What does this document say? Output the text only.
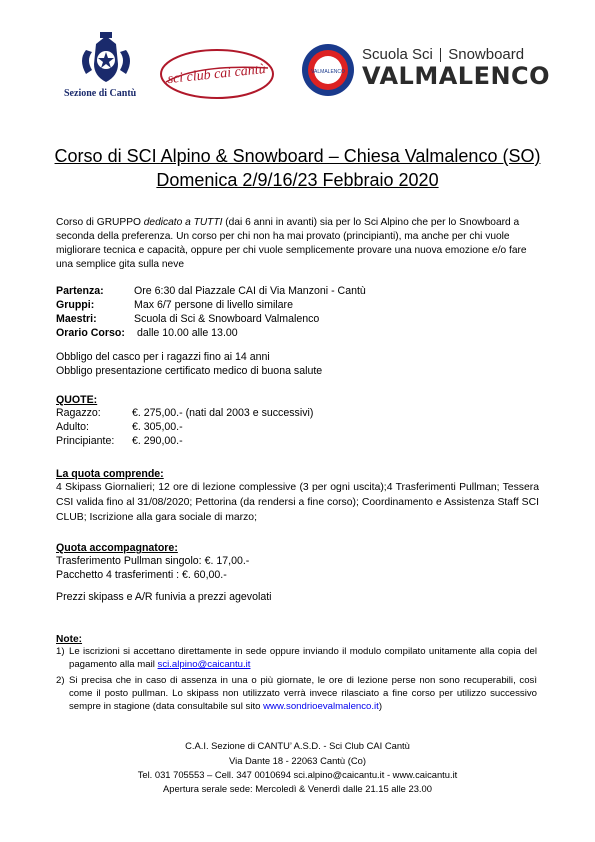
Sezione di Cantù
sci club cai cantù	VALMALENCO
Scuola Sci Snowboard
VALMALENCO
Corso di SCI Alpino & Snowboard – Chiesa Valmalenco (SO)
Domenica 2/9/16/23 Febbraio 2020
Corso di GRUPPO dedicato a TUTTI (dai 6 anni in avanti) sia per lo Sci Alpino che per lo Snowboard a seconda della preferenza. Un corso per chi non ha mai provato (principianti), ma anche per chi vuole migliorare tecnica e capacità, oppure per chi vuole semplicemente provare una nuova emozione e/o fare una semplice gita sulla neve
Partenza:	Ore 6:30 dal Piazzale CAI di Via Manzoni - Cantù
Gruppi:	Max 6/7 persone di livello similare
Maestri:	Scuola di Sci & Snowboard Valmalenco
Orario Corso: dalle 10.00 alle 13.00
Obbligo del casco per i ragazzi fino ai 14 anni
Obbligo presentazione certificato medico di buona salute
QUOTE:
Ragazzo:	€. 275,00.- (nati dal 2003 e successivi)
Adulto:	€. 305,00.-
Principiante: €. 290,00.-
La quota comprende:
4 Skipass Giornalieri; 12 ore di lezione complessive (3 per ogni uscita);4 Trasferimenti Pullman; Tessera CSI valida fino al 31/08/2020; Pettorina (da rendersi a fine corso); Coordinamento e Assistenza Staff SCI CLUB; Iscrizione alla gara sociale di marzo;
Quota accompagnatore:
Trasferimento Pullman singolo: €. 17,00.-
Pacchetto 4 trasferimenti : €. 60,00.-
Prezzi skipass e A/R funivia a prezzi agevolati
Note:
1) Le iscrizioni si accettano direttamente in sede oppure inviando il modulo compilato unitamente alla copia del pagamento alla mail sci.alpino@caicantu.it
2) Si precisa che in caso di assenza in una o più giornate, le ore di lezione perse non sono recuperabili, così come il posto pullman. Lo skipass non utilizzato verrà invece rilasciato a fine corso per utilizzo successivo sempre in stagione (data consultabile sul sito www.sondrioevalmalenco.it)
C.A.I. Sezione di CANTU’ A.S.D. - Sci Club CAI Cantù
Via Dante 18 - 22063 Cantù (Co)
Tel. 031 705553 – Cell. 347 0010694 sci.alpino@caicantu.it - www.caicantu.it
Apertura serale sede: Mercoledì & Venerdì dalle 21.15 alle 23.00
